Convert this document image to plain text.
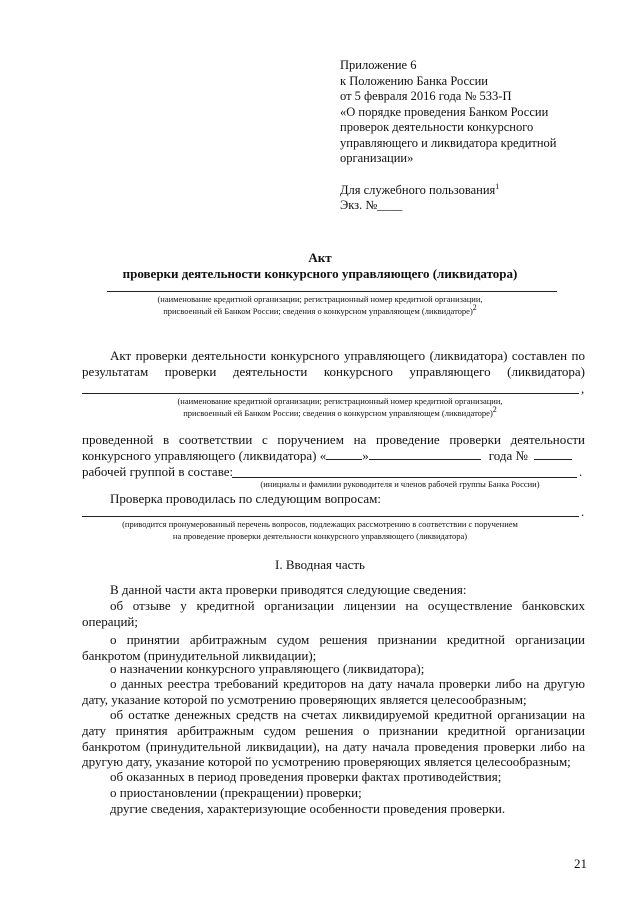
Приложение 6
к Положению Банка России
от 5 февраля 2016 года № 533-П
«О порядке проведения Банком России
проверок деятельности конкурсного
управляющего и ликвидатора кредитной
организации»
Для служебного пользования$^1$
Экз. №____
Акт
проверки деятельности конкурсного управляющего (ликвидатора)
(наименование кредитной организации; регистрационный номер кредитной организации,
присвоенный ей Банком России; сведения о конкурсном управляющем (ликвидаторе)2
Акт проверки деятельности конкурсного управляющего (ликвидатора) составлен по
результатам проверки деятельности конкурсного управляющего (ликвидатора)
,
(наименование кредитной организации; регистрационный номер кредитной организации,
присвоенный ей Банком России; сведения о конкурсном управляющем (ликвидаторе)2
проведенной в соответствии с поручением на проведение проверки деятельности
конкурсного управляющего (ликвидатора) «	»	года №
рабочей группой в составе:	.
(инициалы и фамилии руководителя и членов рабочей группы Банка России)
Проверка проводилась по следующим вопросам:
.
(приводится пронумерованный перечень вопросов, подлежащих рассмотрению в соответствии с поручением
на проведение проверки деятельности конкурсного управляющего (ликвидатора)
I. Вводная часть
В данной части акта проверки приводятся следующие сведения:
об отзыве у кредитной организации лицензии на осуществление банковских
операций;
о принятии арбитражным судом решения признании кредитной организации
банкротом (принудительной ликвидации);
о назначении конкурсного управляющего (ликвидатора);
о данных реестра требований кредиторов на дату начала проверки либо на другую
дату, указание которой по усмотрению проверяющих является целесообразным;
об остатке денежных средств на счетах ликвидируемой кредитной организации на
дату принятия арбитражным судом решения о признании кредитной организации
банкротом (принудительной ликвидации), на дату начала проведения проверки либо на
другую дату, указание которой по усмотрению проверяющих является целесообразным;
об оказанных в период проведения проверки фактах противодействия;
о приостановлении (прекращении) проверки;
другие сведения, характеризующие особенности проведения проверки.
21
